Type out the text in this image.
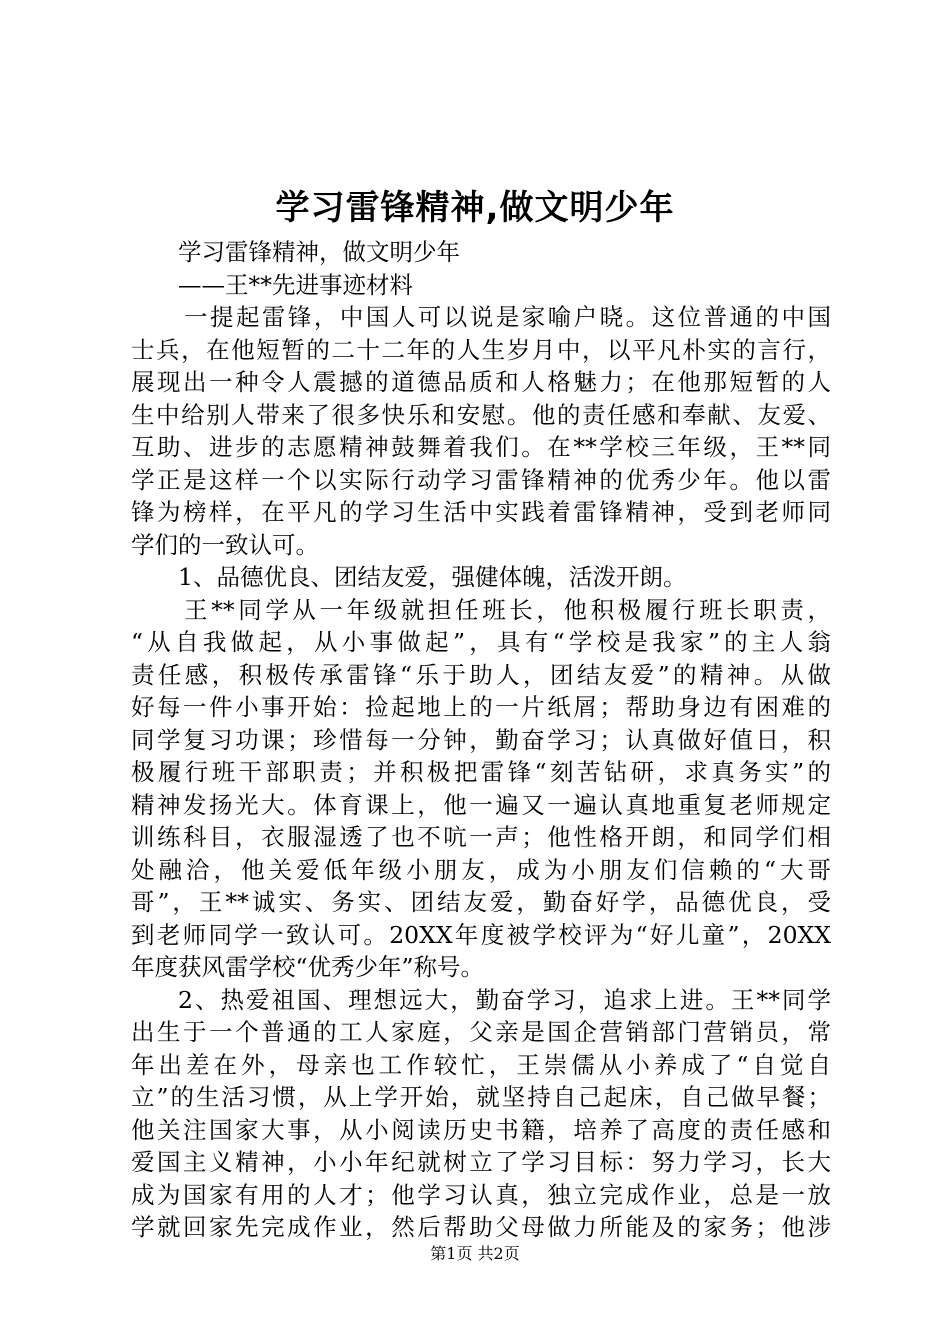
学习雷锋精神,做文明少年
学习雷锋精神，做文明少年
——王**先进事迹材料
一提起雷锋，中国人可以说是家喻户晓。这位普通的中国
士兵，在他短暂的二十二年的人生岁月中，以平凡朴实的言行，
展现出一种令人震撼的道德品质和人格魅力；在他那短暂的人
生中给别人带来了很多快乐和安慰。他的责任感和奉献、友爱、
互助、进步的志愿精神鼓舞着我们。在**学校三年级，王**同
学正是这样一个以实际行动学习雷锋精神的优秀少年。他以雷
锋为榜样，在平凡的学习生活中实践着雷锋精神，受到老师同
学们的一致认可。
1、品德优良、团结友爱，强健体魄，活泼开朗。
王**同学从一年级就担任班长，他积极履行班长职责，
“从自我做起，从小事做起”，具有“学校是我家”的主人翁
责任感，积极传承雷锋“乐于助人，团结友爱”的精神。从做
好每一件小事开始：捡起地上的一片纸屑；帮助身边有困难的
同学复习功课；珍惜每一分钟，勤奋学习；认真做好值日，积
极履行班干部职责；并积极把雷锋“刻苦钻研，求真务实”的
精神发扬光大。体育课上，他一遍又一遍认真地重复老师规定
训练科目，衣服湿透了也不吭一声；他性格开朗，和同学们相
处融洽，他关爱低年级小朋友，成为小朋友们信赖的“大哥
哥”，王**诚实、务实、团结友爱，勤奋好学，品德优良，受
到老师同学一致认可。20XX年度被学校评为“好儿童”，20XX
年度获风雷学校“优秀少年”称号。
2、热爱祖国、理想远大，勤奋学习，追求上进。王**同学
出生于一个普通的工人家庭，父亲是国企营销部门营销员，常
年出差在外，母亲也工作较忙，王崇儒从小养成了“自觉自
立”的生活习惯，从上学开始，就坚持自己起床，自己做早餐；
他关注国家大事，从小阅读历史书籍，培养了高度的责任感和
爱国主义精神，小小年纪就树立了学习目标：努力学习，长大
成为国家有用的人才；他学习认真，独立完成作业，总是一放
学就回家先完成作业，然后帮助父母做力所能及的家务；他涉
第1页 共2页
